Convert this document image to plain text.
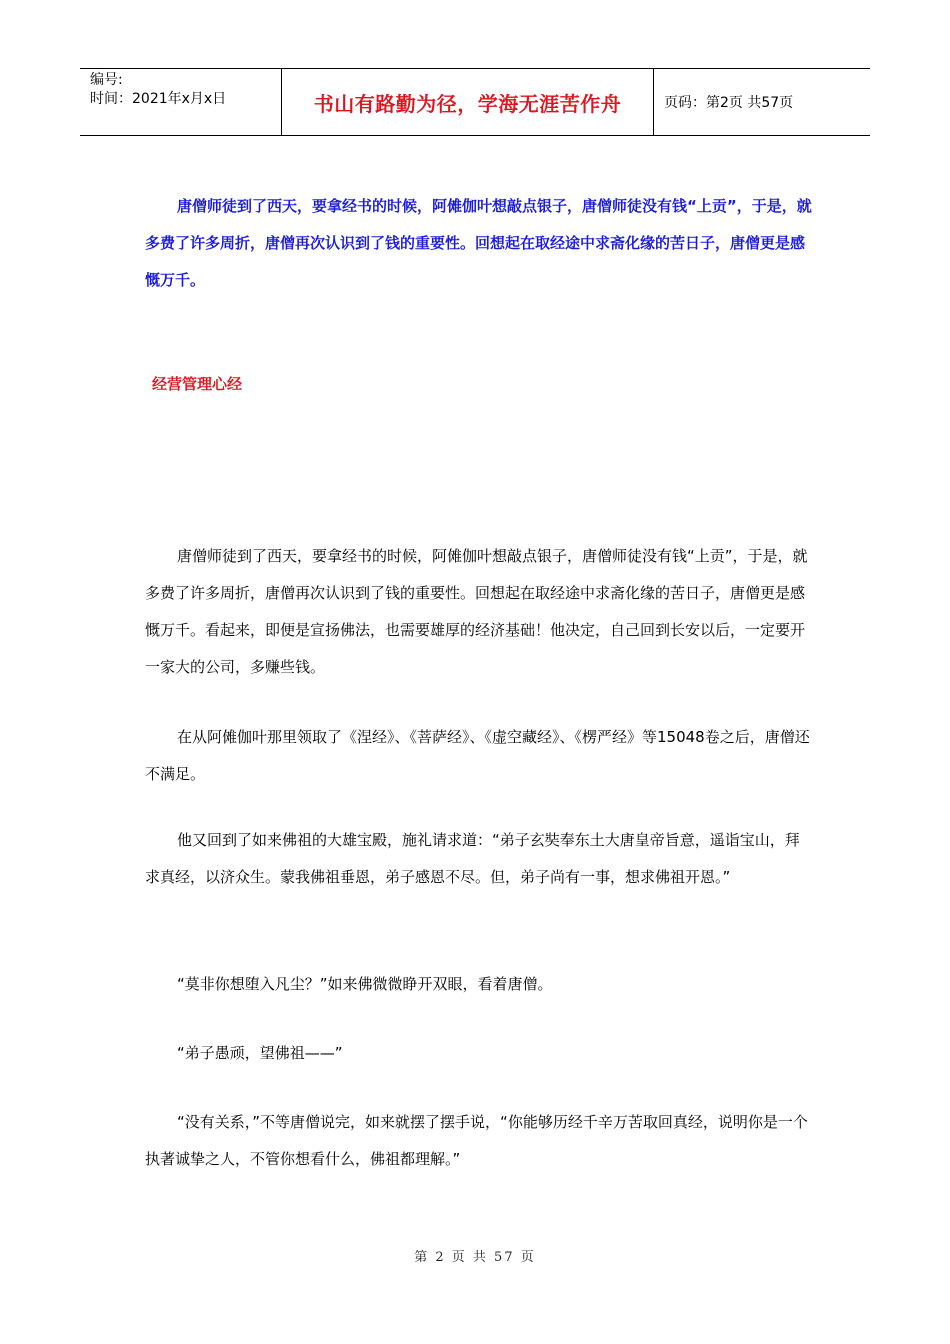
编号:
时间：2021年x月x日	书山有路勤为径，学海无涯苦作舟	页码：第2页 共57页

唐僧师徒到了西天，要拿经书的时候，阿傩伽叶想敲点银子，唐僧师徒没有钱“上贡”，于是，就多费了许多周折，唐僧再次认识到了钱的重要性。回想起在取经途中求斋化缘的苦日子，唐僧更是感慨万千。

经营管理心经

唐僧师徒到了西天，要拿经书的时候，阿傩伽叶想敲点银子，唐僧师徒没有钱“上贡”，于是，就多费了许多周折，唐僧再次认识到了钱的重要性。回想起在取经途中求斋化缘的苦日子，唐僧更是感慨万千。看起来，即便是宣扬佛法，也需要雄厚的经济基础！他决定，自己回到长安以后，一定要开一家大的公司，多赚些钱。

在从阿傩伽叶那里领取了《涅经》、《菩萨经》、《虚空藏经》、《楞严经》等15048卷之后，唐僧还不满足。

他又回到了如来佛祖的大雄宝殿，施礼请求道：“弟子玄奘奉东土大唐皇帝旨意，遥诣宝山，拜求真经，以济众生。蒙我佛祖垂恩，弟子感恩不尽。但，弟子尚有一事，想求佛祖开恩。”

“莫非你想堕入凡尘？”如来佛微微睁开双眼，看着唐僧。

“弟子愚顽，望佛祖——”

“没有关系，”不等唐僧说完，如来就摆了摆手说，“你能够历经千辛万苦取回真经，说明你是一个执著诚挚之人，不管你想看什么，佛祖都理解。”

第 2 页 共 57 页
